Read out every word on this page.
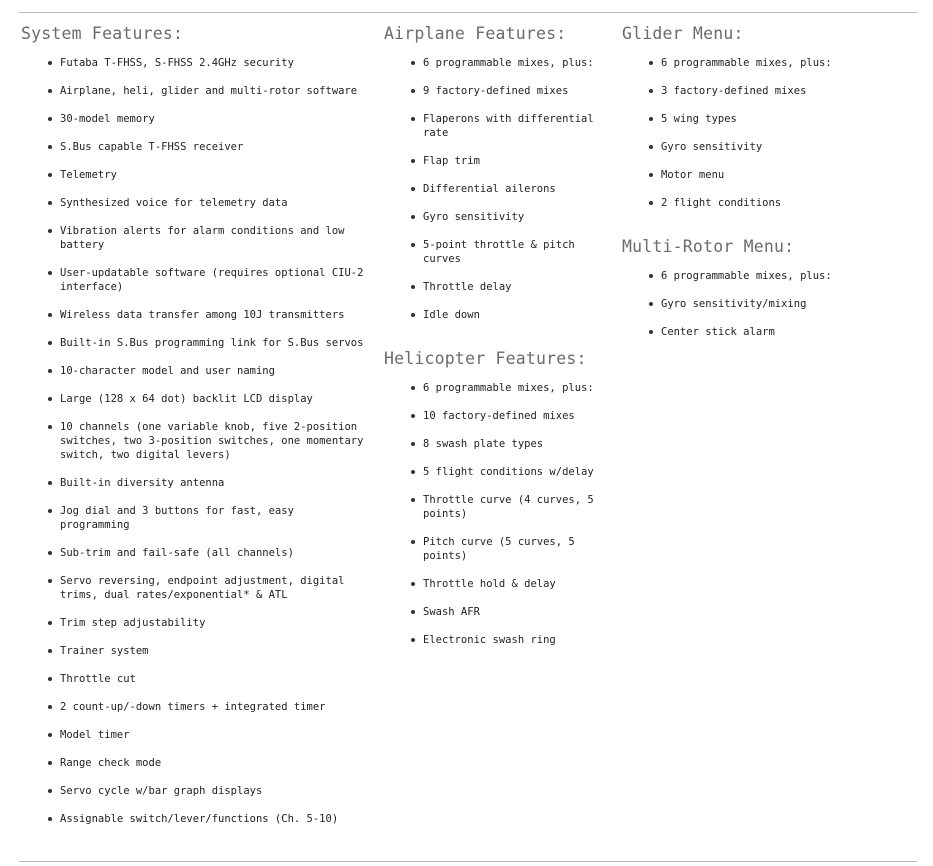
System Features:
Futaba T-FHSS, S-FHSS 2.4GHz security
Airplane, heli, glider and multi-rotor software
30-model memory
S.Bus capable T-FHSS receiver
Telemetry
Synthesized voice for telemetry data
Vibration alerts for alarm conditions and low battery
User-updatable software (requires optional CIU-2 interface)
Wireless data transfer among 10J transmitters
Built-in S.Bus programming link for S.Bus servos
10-character model and user naming
Large (128 x 64 dot) backlit LCD display
10 channels (one variable knob, five 2-position switches, two 3-position switches, one momentary switch, two digital levers)
Built-in diversity antenna
Jog dial and 3 buttons for fast, easy programming
Sub-trim and fail-safe (all channels)
Servo reversing, endpoint adjustment, digital trims, dual rates/exponential* & ATL
Trim step adjustability
Trainer system
Throttle cut
2 count-up/-down timers + integrated timer
Model timer
Range check mode
Servo cycle w/bar graph displays
Assignable switch/lever/functions (Ch. 5-10)
Airplane Features:
6 programmable mixes, plus:
9 factory-defined mixes
Flaperons with differential rate
Flap trim
Differential ailerons
Gyro sensitivity
5-point throttle & pitch curves
Throttle delay
Idle down
Helicopter Features:
6 programmable mixes, plus:
10 factory-defined mixes
8 swash plate types
5 flight conditions w/delay
Throttle curve (4 curves, 5 points)
Pitch curve (5 curves, 5 points)
Throttle hold & delay
Swash AFR
Electronic swash ring
Glider Menu:
6 programmable mixes, plus:
3 factory-defined mixes
5 wing types
Gyro sensitivity
Motor menu
2 flight conditions
Multi-Rotor Menu:
6 programmable mixes, plus:
Gyro sensitivity/mixing
Center stick alarm
